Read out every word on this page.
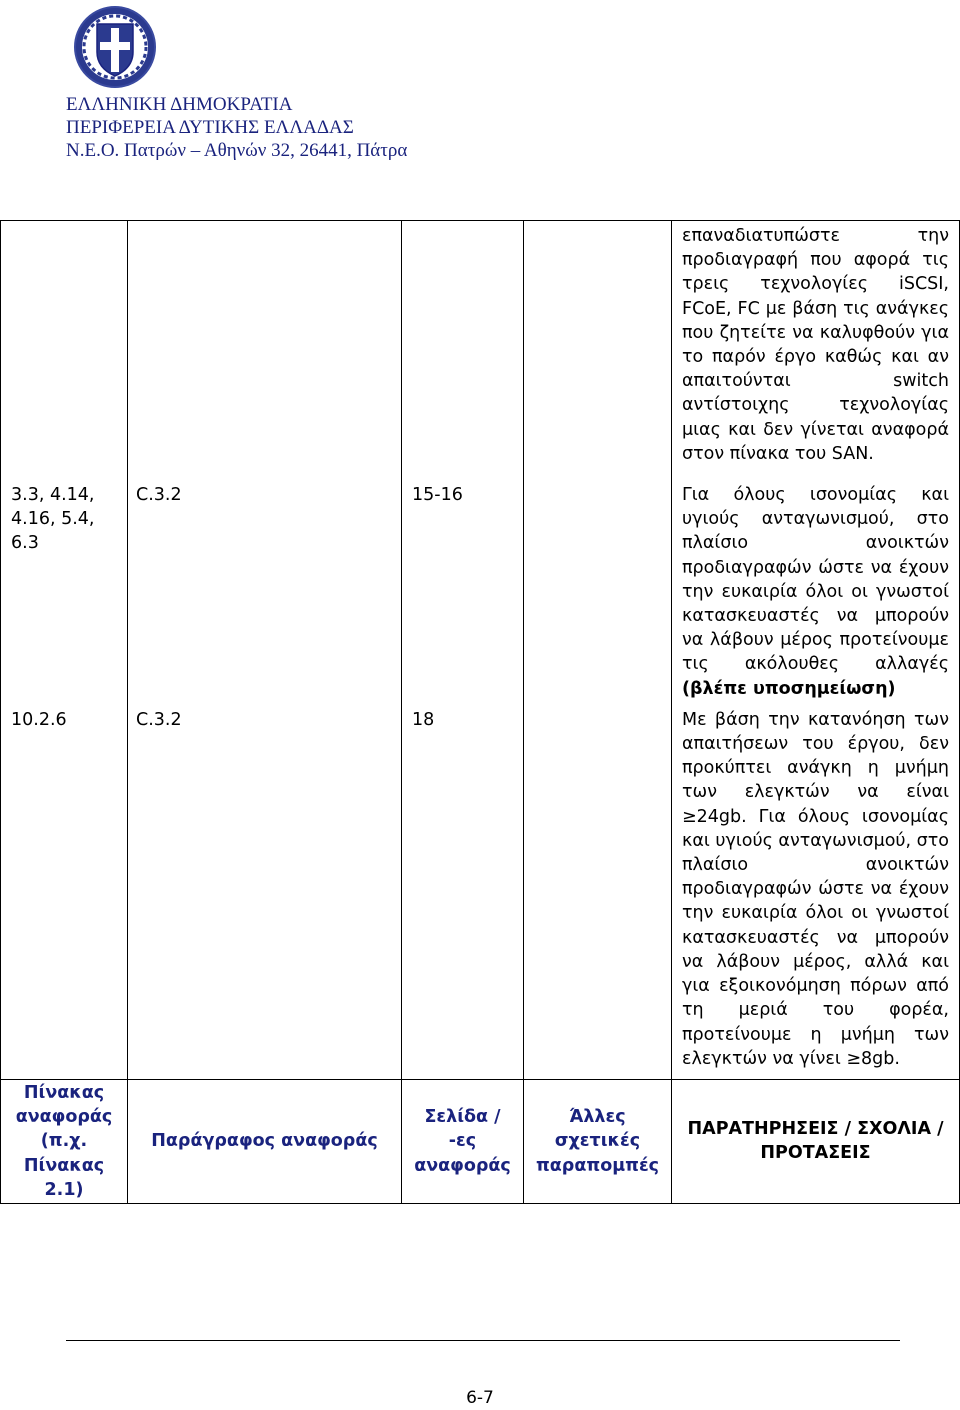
ΕΛΛΗΝΙΚΗ ΔΗΜΟΚΡΑΤΙΑ
ΠΕΡΙΦΕΡΕΙΑ ΔΥΤΙΚΗΣ ΕΛΛΑΔΑΣ
Ν.Ε.Ο. Πατρών – Αθηνών 32, 26441, Πάτρα

				επαναδιατυπώστε την προδιαγραφή που αφορά τις τρεις τεχνολογίες iSCSI, FCoE, FC με βάση τις ανάγκες που ζητείτε να καλυφθούν για το παρόν έργο καθώς και αν απαιτούνται switch αντίστοιχης τεχνολογίας μιας και δεν γίνεται αναφορά στον πίνακα του SAN.

3.3, 4.14, 4.16, 5.4, 6.3	C.3.2	15-16		Για όλους ισονομίας και υγιούς ανταγωνισμού, στο πλαίσιο ανοικτών προδιαγραφών ώστε να έχουν την ευκαιρία όλοι οι γνωστοί κατασκευαστές να μπορούν να λάβουν μέρος προτείνουμε τις ακόλουθες αλλαγές
(βλέπε υποσημείωση)

10.2.6	C.3.2	18		Με βάση την κατανόηση των απαιτήσεων του έργου, δεν προκύπτει ανάγκη η μνήμη των ελεγκτών να είναι ≥24gb. Για όλους ισονομίας και υγιούς ανταγωνισμού, στο πλαίσιο ανοικτών προδιαγραφών ώστε να έχουν την ευκαιρία όλοι οι γνωστοί κατασκευαστές να μπορούν να λάβουν μέρος, αλλά και για εξοικονόμηση πόρων από τη μεριά του φορέα, προτείνουμε η μνήμη των ελεγκτών να γίνει ≥8gb.

Πίνακας αναφοράς (π.χ. Πίνακας 2.1)	Παράγραφος αναφοράς	Σελίδα / -ες αναφοράς	Άλλες σχετικές παραπομπές	ΠΑΡΑΤΗΡΗΣΕΙΣ / ΣΧΟΛΙΑ / ΠΡΟΤΑΣΕΙΣ
6-7
